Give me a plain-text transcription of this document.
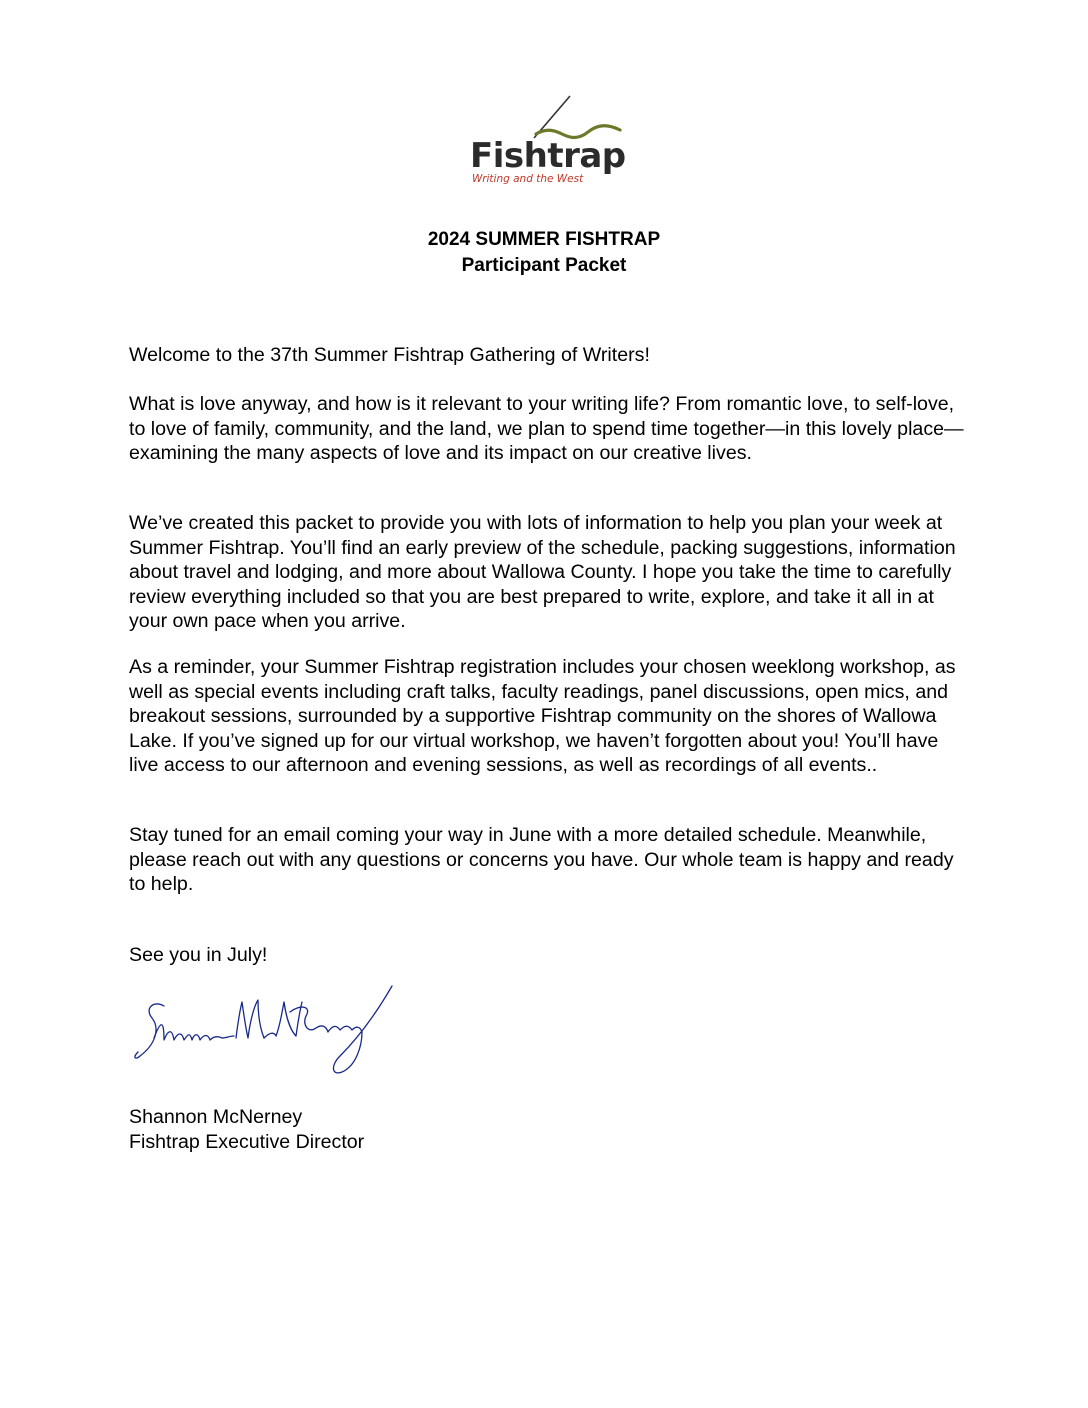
Fishtrap
Writing and the West
2024 SUMMER FISHTRAP
Participant Packet

Welcome to the 37th Summer Fishtrap Gathering of Writers!

What is love anyway, and how is it relevant to your writing life? From romantic love, to self-love, to love of family, community, and the land, we plan to spend time together—in this lovely place—examining the many aspects of love and its impact on our creative lives.

We’ve created this packet to provide you with lots of information to help you plan your week at Summer Fishtrap. You’ll find an early preview of the schedule, packing suggestions, information about travel and lodging, and more about Wallowa County. I hope you take the time to carefully review everything included so that you are best prepared to write, explore, and take it all in at your own pace when you arrive.

As a reminder, your Summer Fishtrap registration includes your chosen weeklong workshop, as well as special events including craft talks, faculty readings, panel discussions, open mics, and breakout sessions, surrounded by a supportive Fishtrap community on the shores of Wallowa Lake. If you’ve signed up for our virtual workshop, we haven’t forgotten about you! You’ll have live access to our afternoon and evening sessions, as well as recordings of all events..

Stay tuned for an email coming your way in June with a more detailed schedule. Meanwhile, please reach out with any questions or concerns you have. Our whole team is happy and ready to help.

See you in July!

Shannon McNerney
Fishtrap Executive Director
